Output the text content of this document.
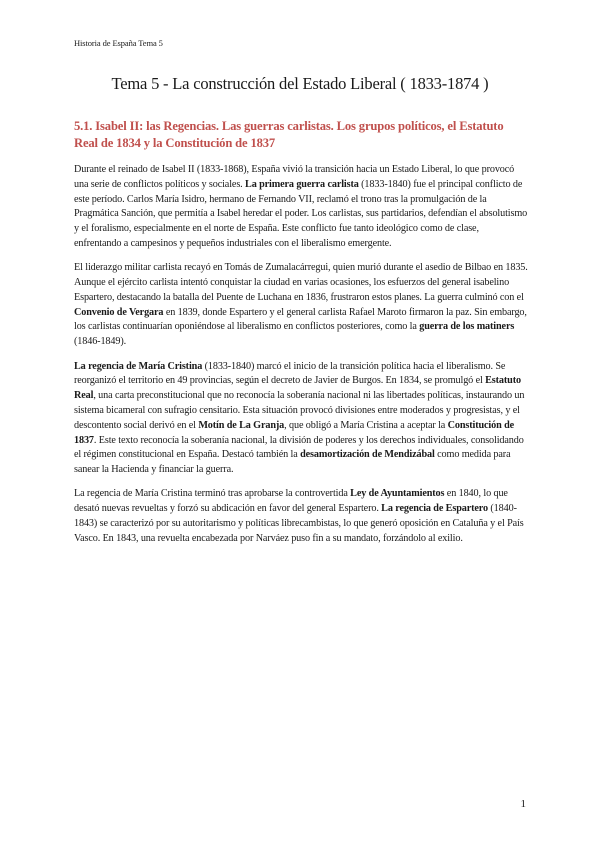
Historia de España Tema 5
Tema 5 - La construcción del Estado Liberal ( 1833-1874 )
5.1. Isabel II: las Regencias. Las guerras carlistas. Los grupos políticos, el Estatuto Real de 1834 y la Constitución de 1837

Durante el reinado de Isabel II (1833-1868), España vivió la transición hacia un Estado Liberal, lo que provocó una serie de conflictos políticos y sociales. La primera guerra carlista (1833-1840) fue el principal conflicto de este período. Carlos María Isidro, hermano de Fernando VII, reclamó el trono tras la promulgación de la Pragmática Sanción, que permitía a Isabel heredar el poder. Los carlistas, sus partidarios, defendían el absolutismo y el foralismo, especialmente en el norte de España. Este conflicto fue tanto ideológico como de clase, enfrentando a campesinos y pequeños industriales con el liberalismo emergente.

El liderazgo militar carlista recayó en Tomás de Zumalacárregui, quien murió durante el asedio de Bilbao en 1835. Aunque el ejército carlista intentó conquistar la ciudad en varias ocasiones, los esfuerzos del general isabelino Espartero, destacando la batalla del Puente de Luchana en 1836, frustraron estos planes. La guerra culminó con el Convenio de Vergara en 1839, donde Espartero y el general carlista Rafael Maroto firmaron la paz. Sin embargo, los carlistas continuarían oponiéndose al liberalismo en conflictos posteriores, como la guerra de los matiners (1846-1849).

La regencia de María Cristina (1833-1840) marcó el inicio de la transición política hacia el liberalismo. Se reorganizó el territorio en 49 provincias, según el decreto de Javier de Burgos. En 1834, se promulgó el Estatuto Real, una carta preconstitucional que no reconocía la soberanía nacional ni las libertades políticas, instaurando un sistema bicameral con sufragio censitario. Esta situación provocó divisiones entre moderados y progresistas, y el descontento social derivó en el Motín de La Granja, que obligó a María Cristina a aceptar la Constitución de 1837. Este texto reconocía la soberanía nacional, la división de poderes y los derechos individuales, consolidando el régimen constitucional en España. Destacó también la desamortización de Mendizábal como medida para sanear la Hacienda y financiar la guerra.

La regencia de María Cristina terminó tras aprobarse la controvertida Ley de Ayuntamientos en 1840, lo que desató nuevas revueltas y forzó su abdicación en favor del general Espartero. La regencia de Espartero (1840-1843) se caracterizó por su autoritarismo y políticas librecambistas, lo que generó oposición en Cataluña y el País Vasco. En 1843, una revuelta encabezada por Narváez puso fin a su mandato, forzándolo al exilio.

1
